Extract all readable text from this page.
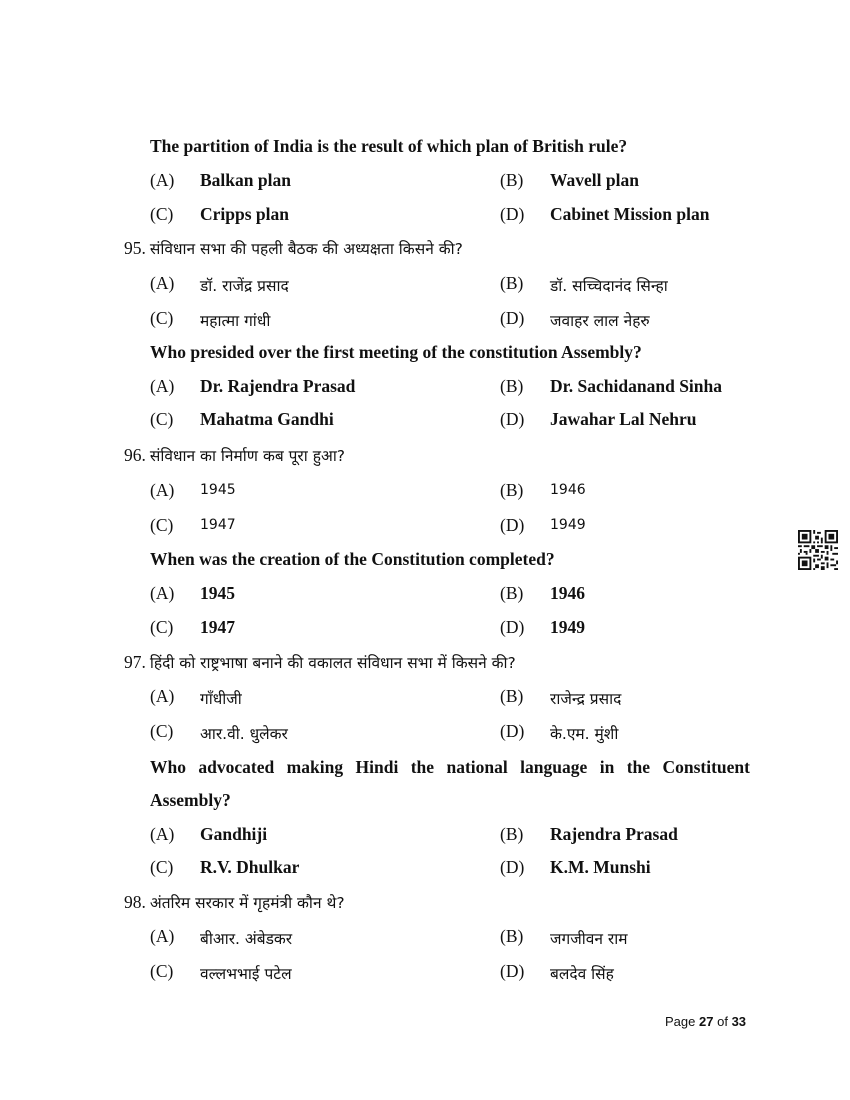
The partition of India is the result of which plan of British rule?
(A) Balkan plan	(B) Wavell plan
(C) Cripps plan	(D) Cabinet Mission plan
95. संविधान सभा की पहली बैठक की अध्यक्षता किसने की?
(A) डॉ. राजेंद्र प्रसाद	(B) डॉ. सच्चिदानंद सिन्हा
(C) महात्मा गांधी	(D) जवाहर लाल नेहरु
Who presided over the first meeting of the constitution Assembly?
(A) Dr. Rajendra Prasad	(B) Dr. Sachidanand Sinha
(C) Mahatma Gandhi	(D) Jawahar Lal Nehru
96. संविधान का निर्माण कब पूरा हुआ?
(A) 1945	(B) 1946
(C) 1947	(D) 1949
When was the creation of the Constitution completed?
(A) 1945	(B) 1946
(C) 1947	(D) 1949
97. हिंदी को राष्ट्रभाषा बनाने की वकालत संविधान सभा में किसने की?
(A) गाँधीजी	(B) राजेन्द्र प्रसाद
(C) आर.वी. धुलेकर	(D) के.एम. मुंशी
Who advocated making Hindi the national language in the Constituent
Assembly?
(A) Gandhiji	(B) Rajendra Prasad
(C) R.V. Dhulkar	(D) K.M. Munshi
98. अंतरिम सरकार में गृहमंत्री कौन थे?
(A) बीआर. अंबेडकर	(B) जगजीवन राम
(C) वल्लभभाई पटेल	(D) बलदेव सिंह
Page 27 of 33
